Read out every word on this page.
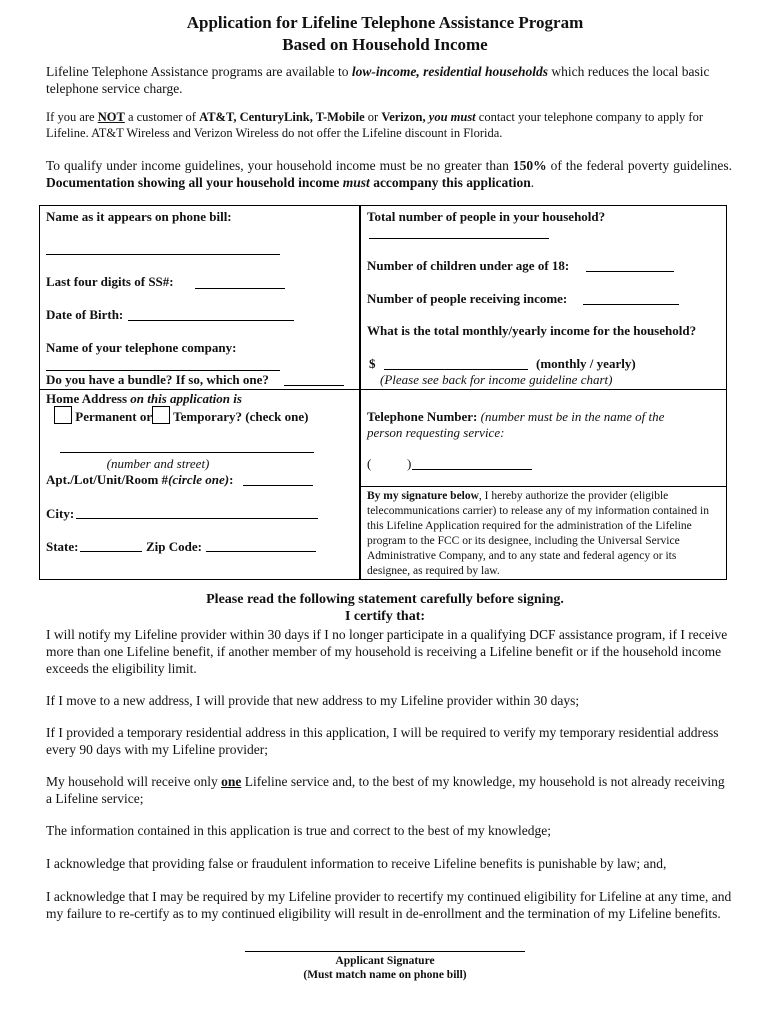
Application for Lifeline Telephone Assistance Program
Based on Household Income
Lifeline Telephone Assistance programs are available to low-income, residential households which reduces the local basic telephone service charge.
If you are NOT a customer of AT&T, CenturyLink, T-Mobile or Verizon, you must contact your telephone company to apply for Lifeline. AT&T Wireless and Verizon Wireless do not offer the Lifeline discount in Florida.
To qualify under income guidelines, your household income must be no greater than 150% of the federal poverty guidelines. Documentation showing all your household income must accompany this application.
Name as it appears on phone bill:
Last four digits of SS#:
Date of Birth:
Name of your telephone company:
Do you have a bundle? If so, which one?
Home Address on this application is
Permanent or Temporary? (check one)
(number and street)
Apt./Lot/Unit/Room #(circle one):
City:
State:	Zip Code:
Total number of people in your household?
Number of children under age of 18:
Number of people receiving income:
What is the total monthly/yearly income for the household?
$	(monthly / yearly)
(Please see back for income guideline chart)
Telephone Number: (number must be in the name of the
person requesting service:
(	)
By my signature below, I hereby authorize the provider (eligible telecommunications carrier) to release any of my information contained in this Lifeline Application required for the administration of the Lifeline program to the FCC or its designee, including the Universal Service Administrative Company, and to any state and federal agency or its designee, as required by law.
Please read the following statement carefully before signing.
I certify that:
I will notify my Lifeline provider within 30 days if I no longer participate in a qualifying DCF assistance program, if I receive more than one Lifeline benefit, if another member of my household is receiving a Lifeline benefit or if the household income exceeds the eligibility limit.
If I move to a new address, I will provide that new address to my Lifeline provider within 30 days;
If I provided a temporary residential address in this application, I will be required to verify my temporary residential address every 90 days with my Lifeline provider;
My household will receive only one Lifeline service and, to the best of my knowledge, my household is not already receiving a Lifeline service;
The information contained in this application is true and correct to the best of my knowledge;
I acknowledge that providing false or fraudulent information to receive Lifeline benefits is punishable by law; and,
I acknowledge that I may be required by my Lifeline provider to recertify my continued eligibility for Lifeline at any time, and my failure to re-certify as to my continued eligibility will result in de-enrollment and the termination of my Lifeline benefits.
Applicant Signature
(Must match name on phone bill)
